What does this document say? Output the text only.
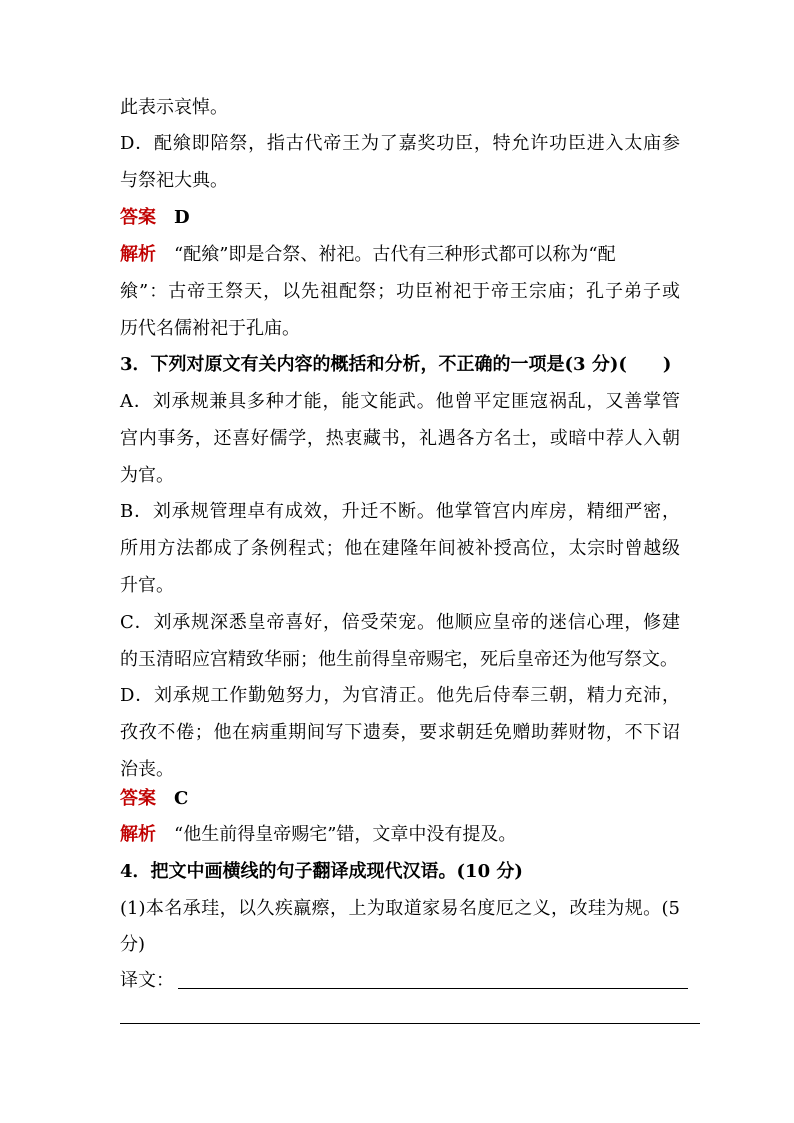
此表示哀悼。
D．配飨即陪祭，指古代帝王为了嘉奖功臣，特允许功臣进入太庙参
与祭祀大典。
答案 D
解析 “配飨”即是合祭、袝祀。古代有三种形式都可以称为“配
飨”：古帝王祭天，以先祖配祭；功臣袝祀于帝王宗庙；孔子弟子或
历代名儒袝祀于孔庙。
3．下列对原文有关内容的概括和分析，不正确的一项是(3 分)(　　)
A．刘承规兼具多种才能，能文能武。他曾平定匪寇祸乱，又善掌管
宫内事务，还喜好儒学，热衷藏书，礼遇各方名士，或暗中荐人入朝
为官。
B．刘承规管理卓有成效，升迁不断。他掌管宫内库房，精细严密，
所用方法都成了条例程式；他在建隆年间被补授高位，太宗时曾越级
升官。
C．刘承规深悉皇帝喜好，倍受荣宠。他顺应皇帝的迷信心理，修建
的玉清昭应宫精致华丽；他生前得皇帝赐宅，死后皇帝还为他写祭文。
D．刘承规工作勤勉努力，为官清正。他先后侍奉三朝，精力充沛，
孜孜不倦；他在病重期间写下遗奏，要求朝廷免赠助葬财物，不下诏
治丧。
答案 C
解析 “他生前得皇帝赐宅”错，文章中没有提及。
4．把文中画横线的句子翻译成现代汉语。(10 分)
(1)本名承珪，以久疾羸瘵，上为取道家易名度厄之义，改珪为规。(5
分)
译文：
